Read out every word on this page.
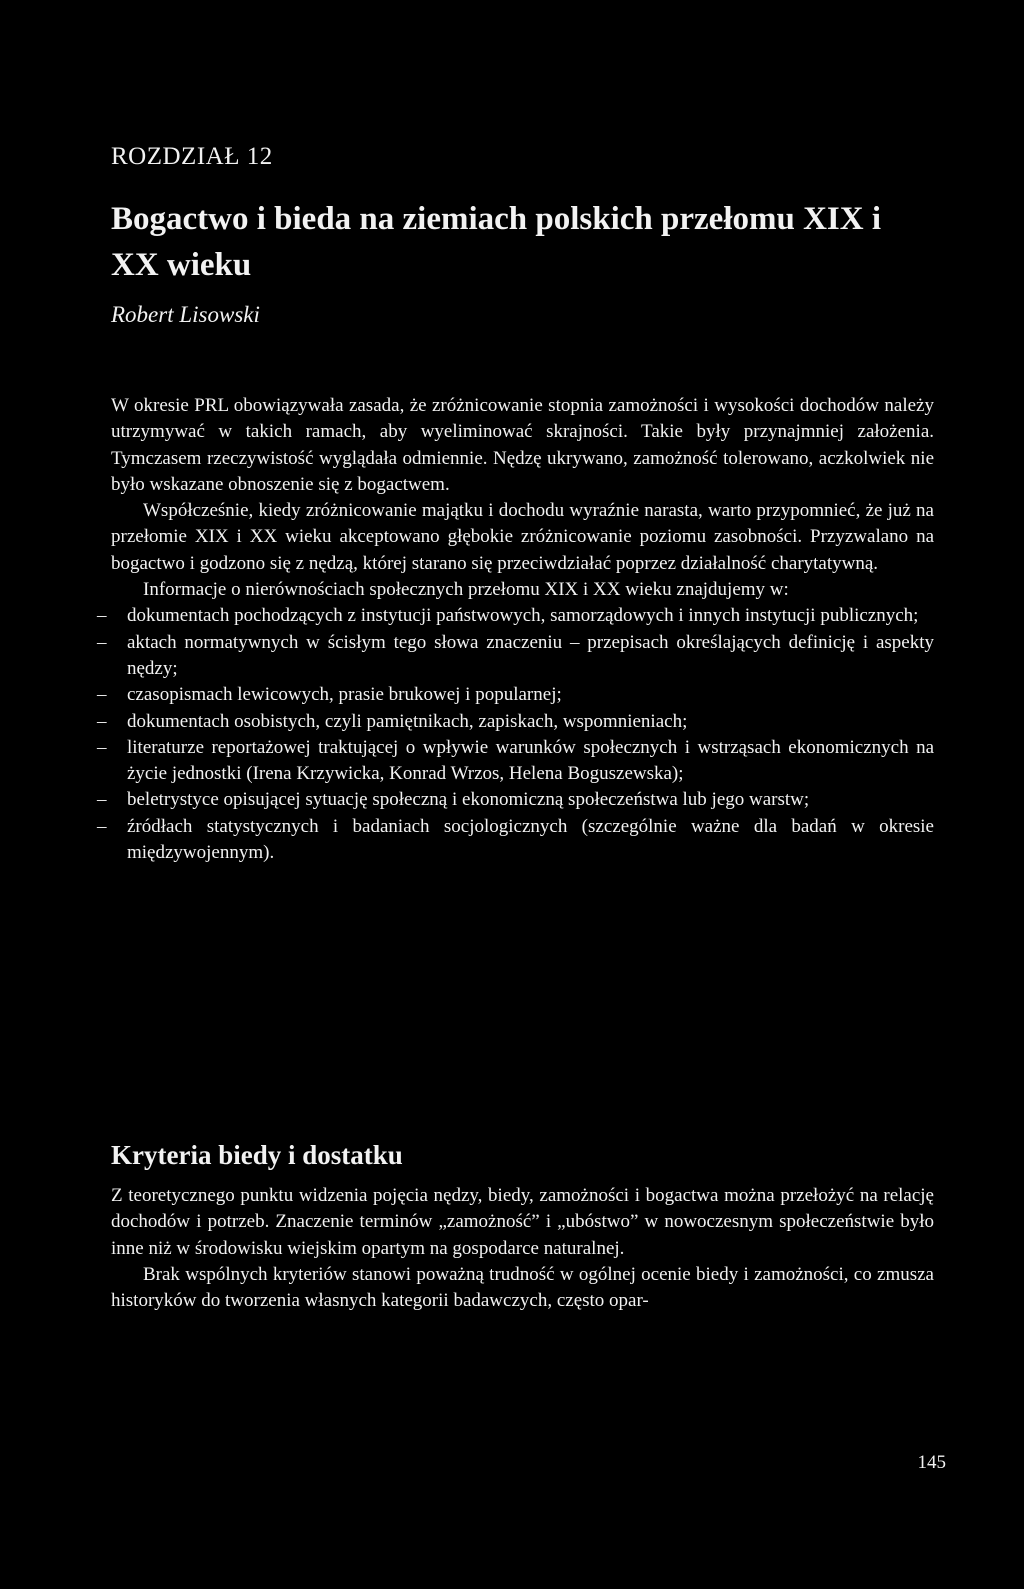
ROZDZIAŁ 12
Bogactwo i bieda na ziemiach polskich przełomu XIX i XX wieku
Robert Lisowski

W okresie PRL obowiązywała zasada, że zróżnicowanie stopnia zamożności i wysokości dochodów należy utrzymywać w takich ramach, aby wyeliminować skrajności. Takie były przynajmniej założenia. Tymczasem rzeczywistość wyglądała odmiennie. Nędzę ukrywano, zamożność tolerowano, aczkolwiek nie było wskazane obnoszenie się z bogactwem.

Współcześnie, kiedy zróżnicowanie majątku i dochodu wyraźnie narasta, warto przypomnieć, że już na przełomie XIX i XX wieku akceptowano głębokie zróżnicowanie poziomu zasobności. Przyzwalano na bogactwo i godzono się z nędzą, której starano się przeciwdziałać poprzez działalność charytatywną.

Informacje o nierównościach społecznych przełomu XIX i XX wieku znajdujemy w:

– dokumentach pochodzących z instytucji państwowych, samorządowych i innych instytucji publicznych;
– aktach normatywnych w ścisłym tego słowa znaczeniu – przepisach określających definicję i aspekty nędzy;
– czasopismach lewicowych, prasie brukowej i popularnej;
– dokumentach osobistych, czyli pamiętnikach, zapiskach, wspomnieniach;
– literaturze reportażowej traktującej o wpływie warunków społecznych i wstrząsach ekonomicznych na życie jednostki (Irena Krzywicka, Konrad Wrzos, Helena Boguszewska);
– beletrystyce opisującej sytuację społeczną i ekonomiczną społeczeństwa lub jego warstw;
– źródłach statystycznych i badaniach socjologicznych (szczególnie ważne dla badań w okresie międzywojennym).
Kryteria biedy i dostatku

Z teoretycznego punktu widzenia pojęcia nędzy, biedy, zamożności i bogactwa można przełożyć na relację dochodów i potrzeb. Znaczenie terminów „zamożność” i „ubóstwo” w nowoczesnym społeczeństwie było inne niż w środowisku wiejskim opartym na gospodarce naturalnej.

Brak wspólnych kryteriów stanowi poważną trudność w ogólnej ocenie biedy i zamożności, co zmusza historyków do tworzenia własnych kategorii badawczych, często opar-

145
